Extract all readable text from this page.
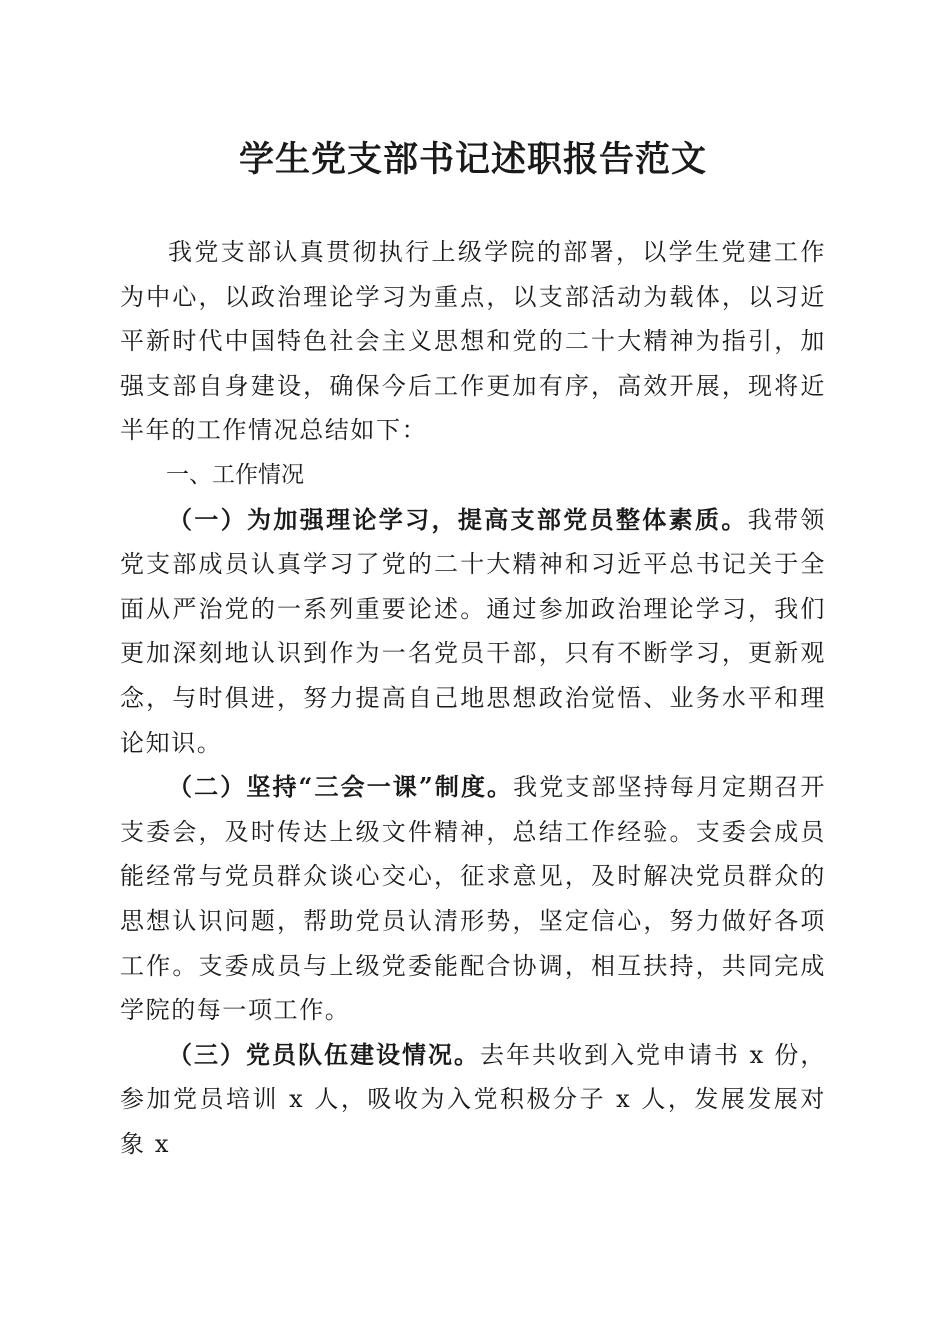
学生党支部书记述职报告范文

我党支部认真贯彻执行上级学院的部署，以学生党建工作为中心，以政治理论学习为重点，以支部活动为载体，以习近平新时代中国特色社会主义思想和党的二十大精神为指引，加强支部自身建设，确保今后工作更加有序，高效开展，现将近半年的工作情况总结如下：

一、工作情况

（一）为加强理论学习，提高支部党员整体素质。我带领党支部成员认真学习了党的二十大精神和习近平总书记关于全面从严治党的一系列重要论述。通过参加政治理论学习，我们更加深刻地认识到作为一名党员干部，只有不断学习，更新观念，与时俱进，努力提高自己地思想政治觉悟、业务水平和理论知识。

（二）坚持“三会一课”制度。我党支部坚持每月定期召开支委会，及时传达上级文件精神，总结工作经验。支委会成员能经常与党员群众谈心交心，征求意见，及时解决党员群众的思想认识问题，帮助党员认清形势，坚定信心，努力做好各项工作。支委成员与上级党委能配合协调，相互扶持，共同完成学院的每一项工作。

（三）党员队伍建设情况。去年共收到入党申请书 x 份，参加党员培训 x 人，吸收为入党积极分子 x 人，发展发展对象 x
